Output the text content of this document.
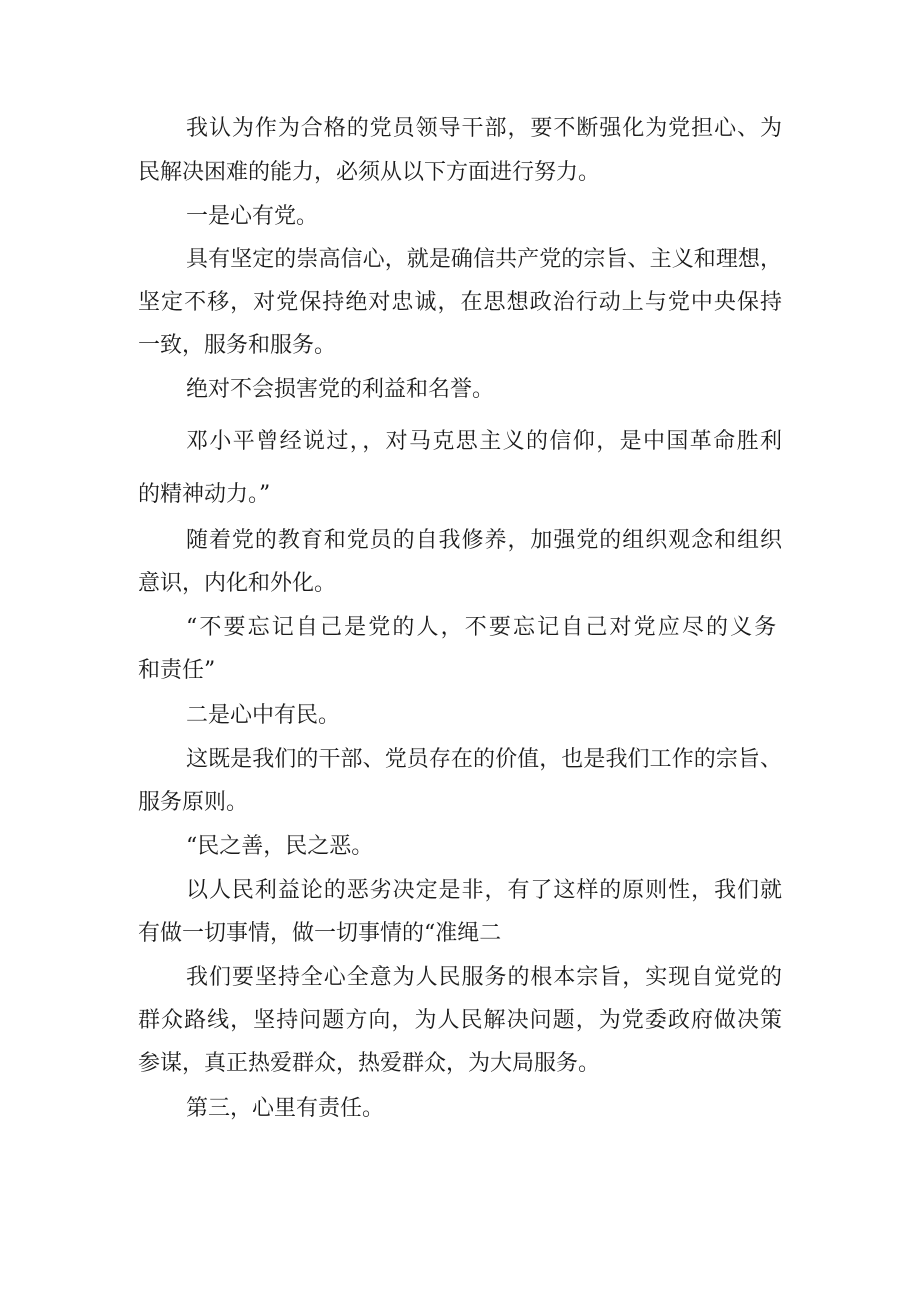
我认为作为合格的党员领导干部，要不断强化为党担心、为
民解决困难的能力，必须从以下方面进行努力。
一是心有党。
具有坚定的崇高信心，就是确信共产党的宗旨、主义和理想，
坚定不移，对党保持绝对忠诚，在思想政治行动上与党中央保持
一致，服务和服务。
绝对不会损害党的利益和名誉。
邓小平曾经说过，，对马克思主义的信仰，是中国革命胜利
的精神动力。”
随着党的教育和党员的自我修养，加强党的组织观念和组织
意识，内化和外化。
“不要忘记自己是党的人，不要忘记自己对党应尽的义务
和责任”
二是心中有民。
这既是我们的干部、党员存在的价值，也是我们工作的宗旨、
服务原则。
“民之善，民之恶。
以人民利益论的恶劣决定是非，有了这样的原则性，我们就
有做一切事情，做一切事情的“准绳二
我们要坚持全心全意为人民服务的根本宗旨，实现自觉党的
群众路线，坚持问题方向，为人民解决问题，为党委政府做决策
参谋，真正热爱群众，热爱群众，为大局服务。
第三，心里有责任。
